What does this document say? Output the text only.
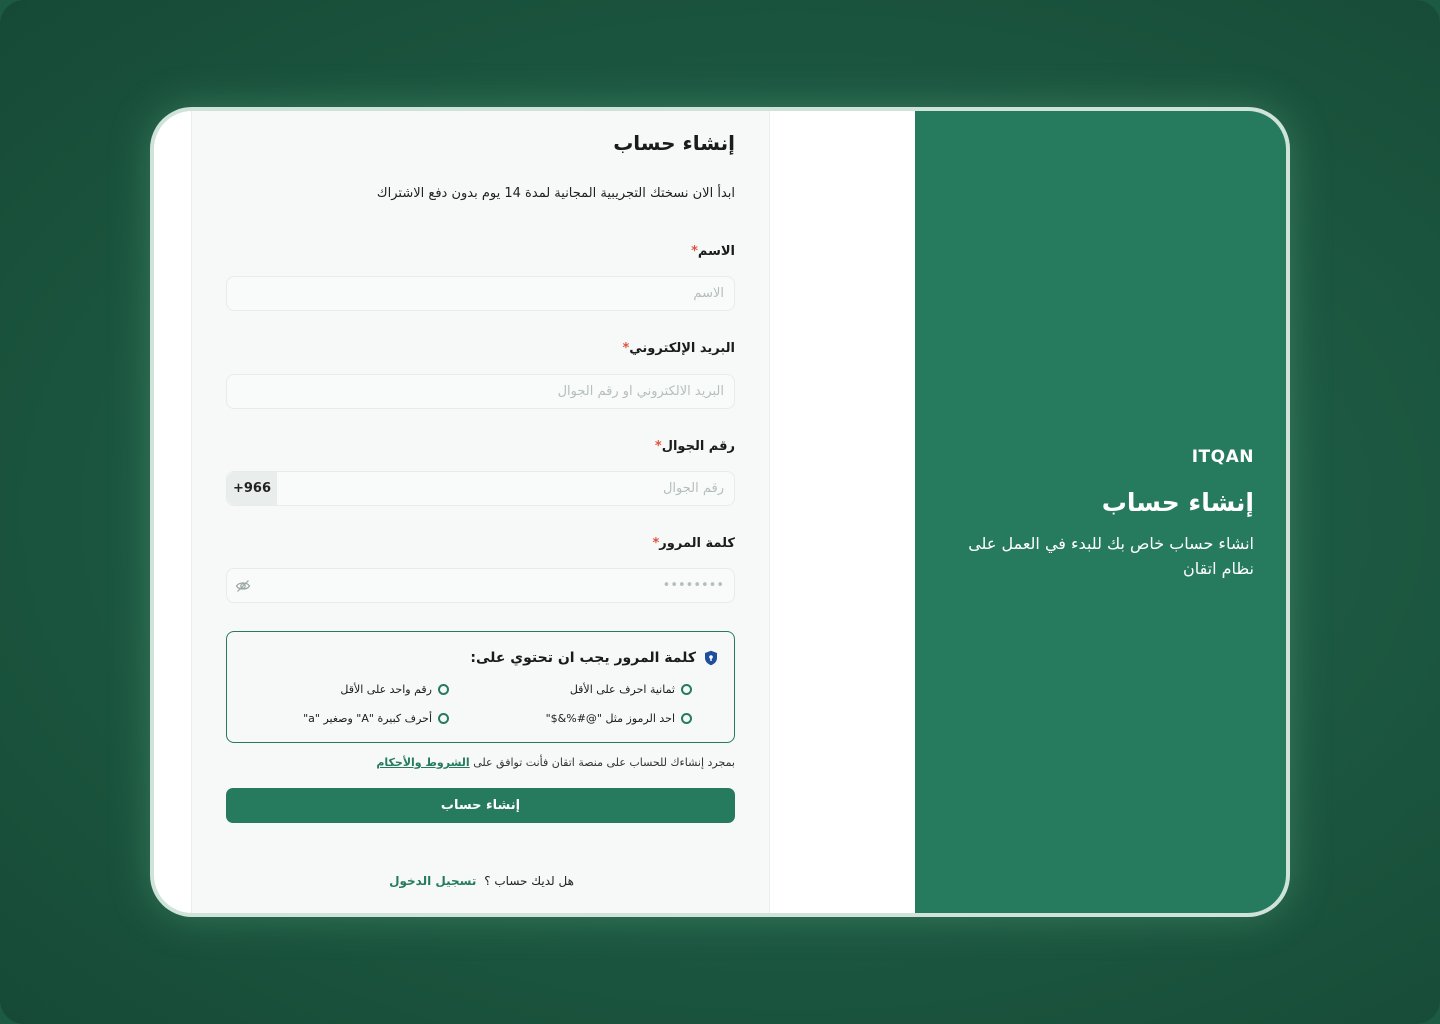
إنشاء حساب
ابدأ الان نسختك التجريبية المجانية لمدة 14 يوم بدون دفع الاشتراك
الاسم*
الاسم
البريد الإلكتروني*
البريد الالكتروني او رقم الجوال
رقم الجوال*
+966
رقم الجوال
كلمة المرور*
••••••••
كلمة المرور يجب ان تحتوي على:
ثمانية احرف على الأقل
رقم واحد على الأقل
احد الرموز مثل "@#%&$"
أحرف كبيرة "A" وصغير "a"
بمجرد إنشاءك للحساب على منصة اتقان فأنت توافق على الشروط والأحكام
إنشاء حساب
هل لديك حساب ؟ تسجيل الدخول
ITQAN
إنشاء حساب
انشاء حساب خاص بك للبدء في العمل على نظام اتقان
